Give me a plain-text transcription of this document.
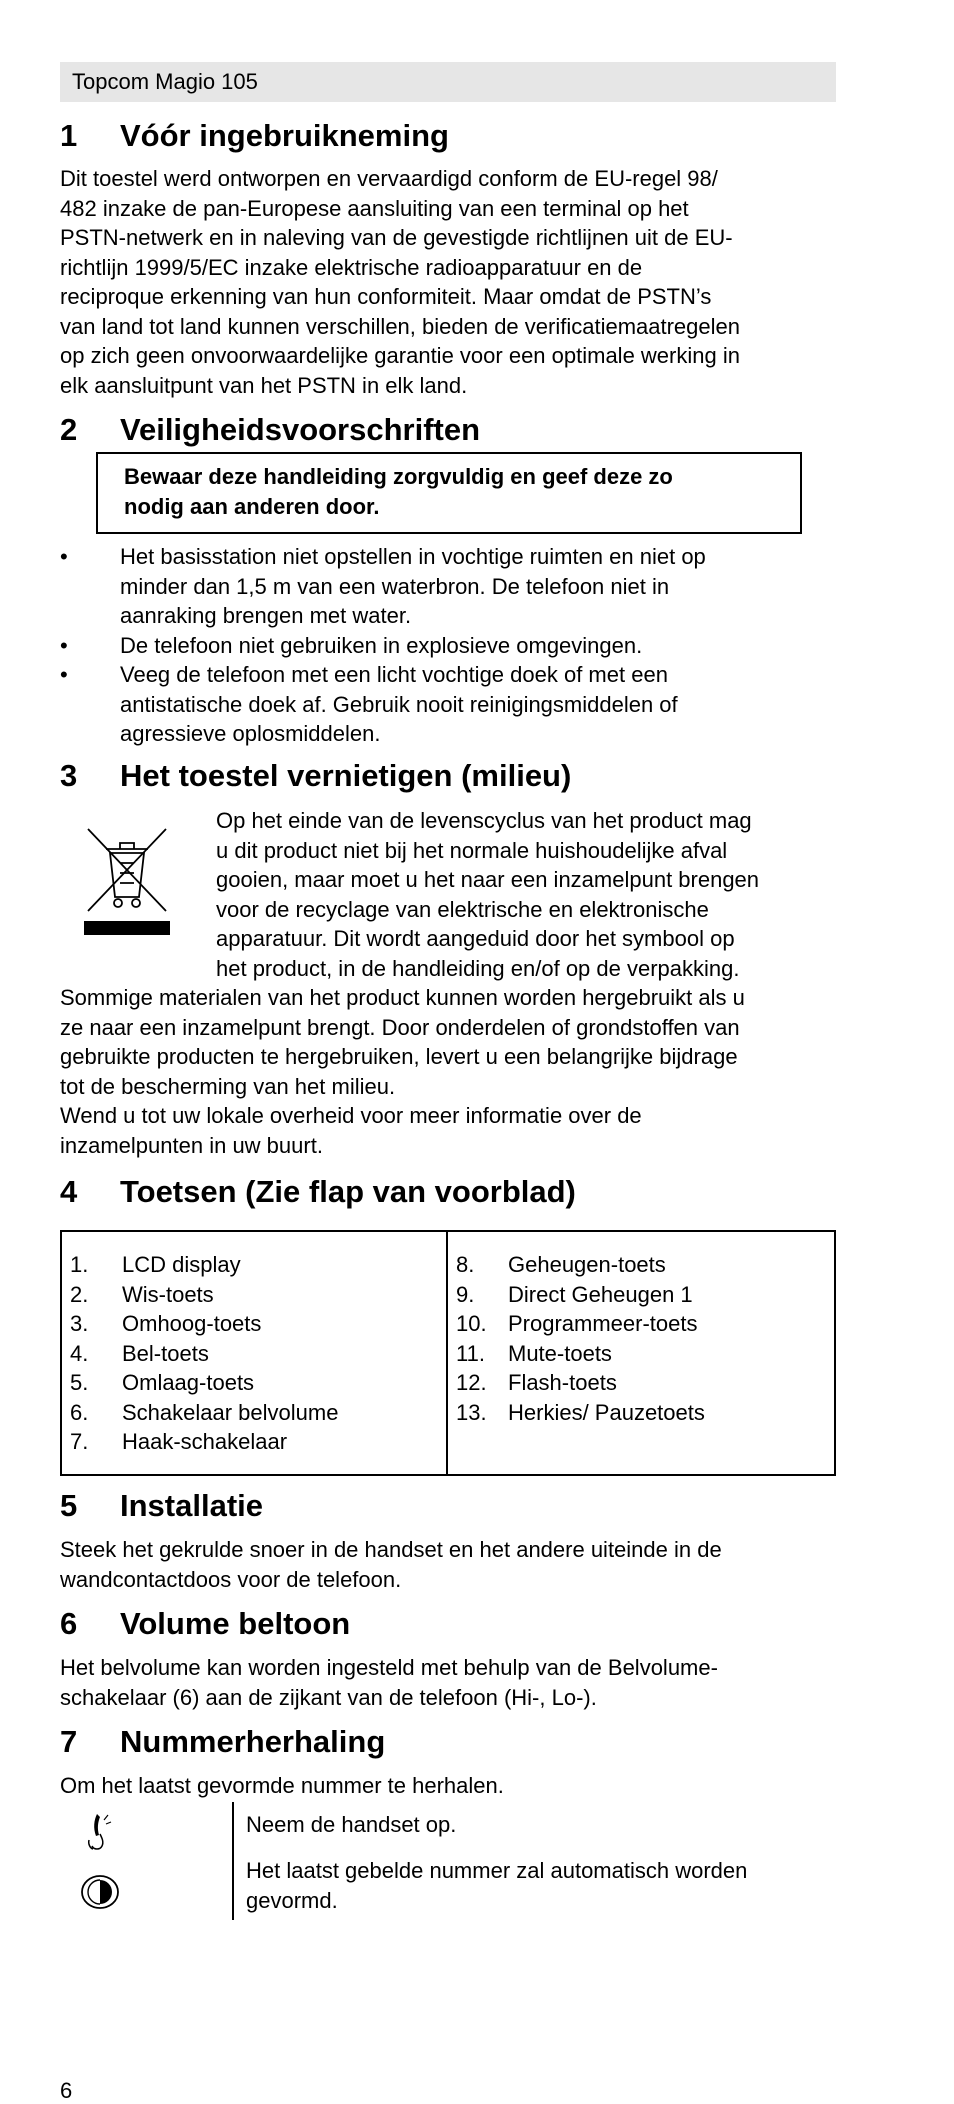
Topcom Magio 105
1 Vóór ingebruikneming
Dit toestel werd ontworpen en vervaardigd conform de EU-regel 98/
482 inzake de pan-Europese aansluiting van een terminal op het
PSTN-netwerk en in naleving van de gevestigde richtlijnen uit de EU-
richtlijn 1999/5/EC inzake elektrische radioapparatuur en de
reciproque erkenning van hun conformiteit. Maar omdat de PSTN’s
van land tot land kunnen verschillen, bieden de verificatiemaatregelen
op zich geen onvoorwaardelijke garantie voor een optimale werking in
elk aansluitpunt van het PSTN in elk land.
2 Veiligheidsvoorschriften
Bewaar deze handleiding zorgvuldig en geef deze zo
nodig aan anderen door.
•	Het basisstation niet opstellen in vochtige ruimten en niet op
minder dan 1,5 m van een waterbron. De telefoon niet in
aanraking brengen met water.
•	De telefoon niet gebruiken in explosieve omgevingen.
•	Veeg de telefoon met een licht vochtige doek of met een
antistatische doek af. Gebruik nooit reinigingsmiddelen of
agressieve oplosmiddelen.
3 Het toestel vernietigen (milieu)
Op het einde van de levenscyclus van het product mag
u dit product niet bij het normale huishoudelijke afval
gooien, maar moet u het naar een inzamelpunt brengen
voor de recyclage van elektrische en elektronische
apparatuur. Dit wordt aangeduid door het symbool op
het product, in de handleiding en/of op de verpakking.
Sommige materialen van het product kunnen worden hergebruikt als u
ze naar een inzamelpunt brengt. Door onderdelen of grondstoffen van
gebruikte producten te hergebruiken, levert u een belangrijke bijdrage
tot de bescherming van het milieu.
Wend u tot uw lokale overheid voor meer informatie over de
inzamelpunten in uw buurt.
4 Toetsen (Zie flap van voorblad)
1. LCD display
2. Wis-toets
3. Omhoog-toets
4. Bel-toets
5. Omlaag-toets
6. Schakelaar belvolume
7. Haak-schakelaar
8. Geheugen-toets
9. Direct Geheugen 1
10. Programmeer-toets
11. Mute-toets
12. Flash-toets
13. Herkies/ Pauzetoets
5 Installatie
Steek het gekrulde snoer in de handset en het andere uiteinde in de
wandcontactdoos voor de telefoon.
6 Volume beltoon
Het belvolume kan worden ingesteld met behulp van de Belvolume-
schakelaar (6) aan de zijkant van de telefoon (Hi-, Lo-).
7 Nummerherhaling
Om het laatst gevormde nummer te herhalen.
Neem de handset op.
Het laatst gebelde nummer zal automatisch worden
gevormd.
6
